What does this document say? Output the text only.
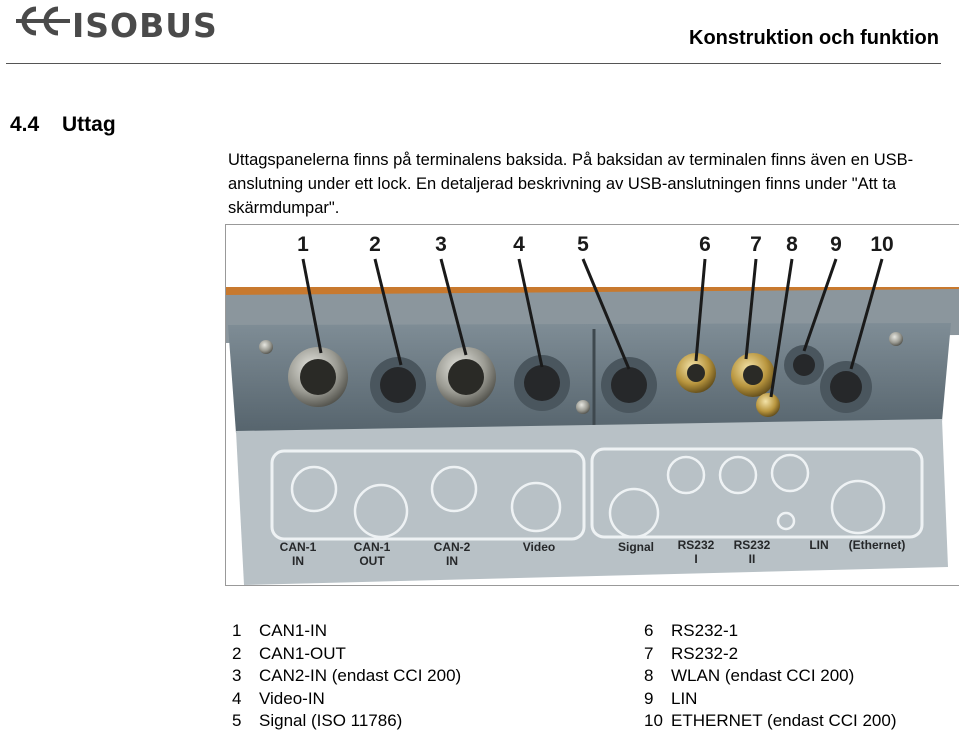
ISOBUS	Konstruktion och funktion
4.4 Uttag
Uttagspanelerna finns på terminalens baksida. På baksidan av terminalen finns även en USB-anslutning under ett lock. En detaljerad beskrivning av USB-anslutningen finns under "Att ta skärmdumpar".
CAN-1
IN
CAN-1
OUT
CAN-2
IN
Video	Signal RS232
I
RS232
II
LIN (Ethernet)
1	2	3	4 5	6 7 8 9 10
1	CAN1-IN
2	CAN1-OUT
3	CAN2-IN (endast CCI 200)
4	Video-IN
5	Signal (ISO 11786)
6	RS232-1
7	RS232-2
8	WLAN (endast CCI 200)
9	LIN
10 ETHERNET (endast CCI 200)
